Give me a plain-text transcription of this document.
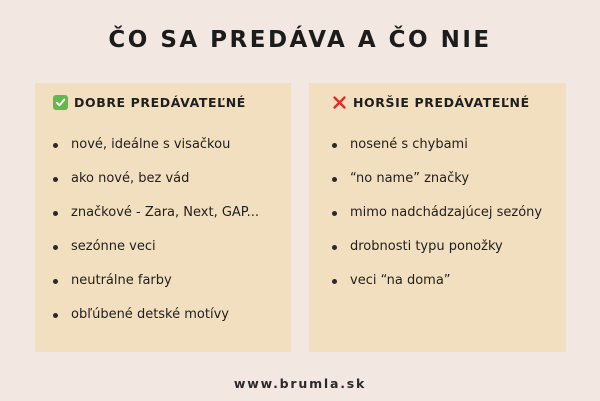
ČO SA PREDÁVA A ČO NIE
DOBRE PREDÁVATEĽNÉ
nové, ideálne s visačkou
ako nové, bez vád
značkové - Zara, Next, GAP...
sezónne veci
neutrálne farby
obľúbené detské motívy
HORŠIE PREDÁVATEĽNÉ
nosené s chybami
“no name” značky
mimo nadchádzajúcej sezóny
drobnosti typu ponožky
veci “na doma”
www.brumla.sk
